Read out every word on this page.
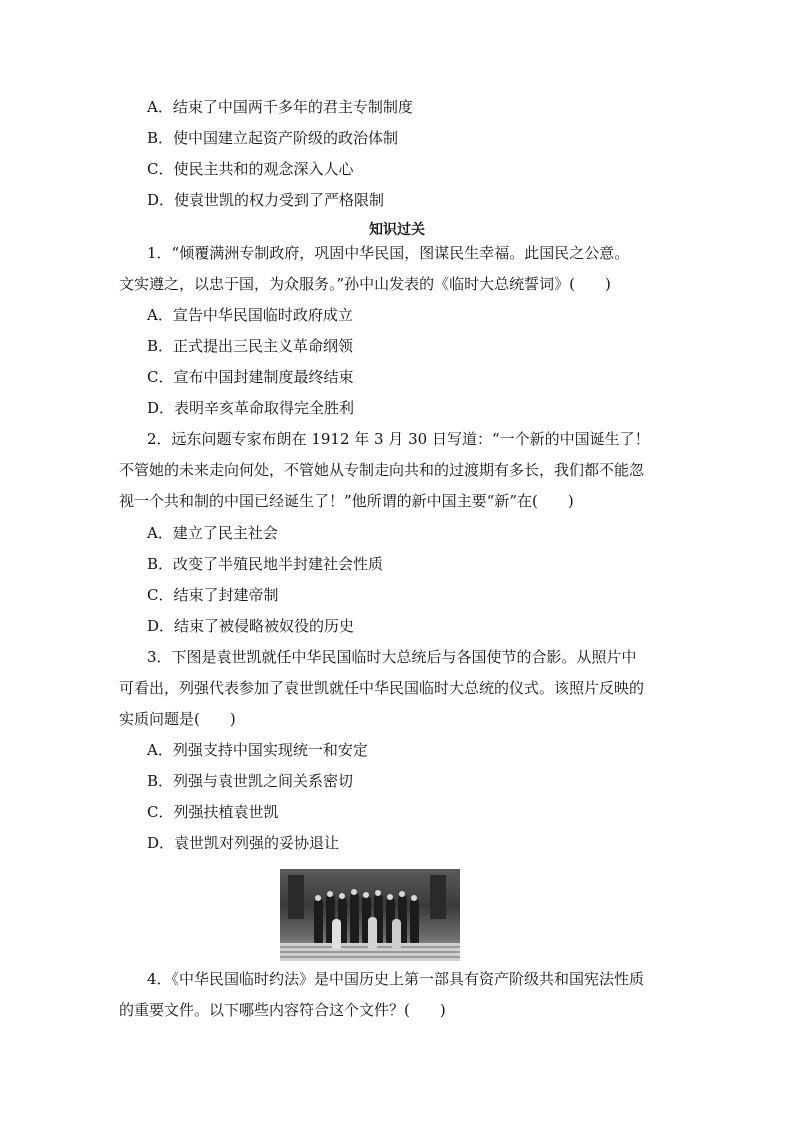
A．结束了中国两千多年的君主专制制度
B．使中国建立起资产阶级的政治体制
C．使民主共和的观念深入人心
D．使袁世凯的权力受到了严格限制
知识过关
1．“倾覆满洲专制政府，巩固中华民国，图谋民生幸福。此国民之公意。
文实遵之，以忠于国，为众服务。”孙中山发表的《临时大总统誓词》(　　)
A．宣告中华民国临时政府成立
B．正式提出三民主义革命纲领
C．宣布中国封建制度最终结束
D．表明辛亥革命取得完全胜利
2．远东问题专家布朗在 1912 年 3 月 30 日写道：“一个新的中国诞生了！
不管她的未来走向何处，不管她从专制走向共和的过渡期有多长，我们都不能忽
视一个共和制的中国已经诞生了！”他所谓的新中国主要“新”在(　　)
A．建立了民主社会
B．改变了半殖民地半封建社会性质
C．结束了封建帝制
D．结束了被侵略被奴役的历史
3．下图是袁世凯就任中华民国临时大总统后与各国使节的合影。从照片中
可看出，列强代表参加了袁世凯就任中华民国临时大总统的仪式。该照片反映的
实质问题是(　　)
A．列强支持中国实现统一和安定
B．列强与袁世凯之间关系密切
C．列强扶植袁世凯
D．袁世凯对列强的妥协退让
4．《中华民国临时约法》是中国历史上第一部具有资产阶级共和国宪法性质
的重要文件。以下哪些内容符合这个文件？(　　)
